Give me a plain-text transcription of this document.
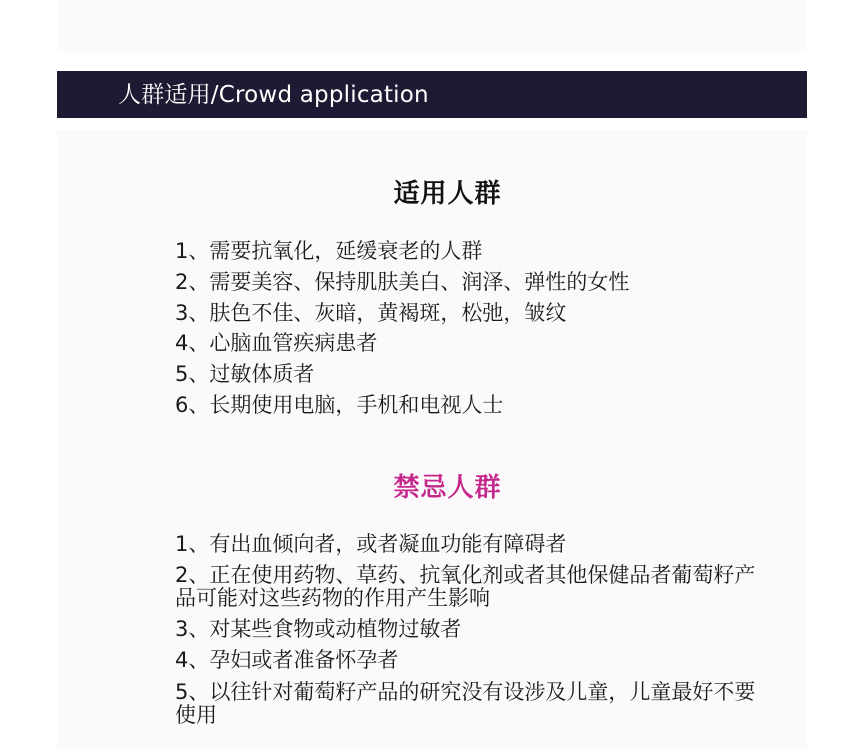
人群适用/Crowd application
适用人群
1、需要抗氧化，延缓衰老的人群
2、需要美容、保持肌肤美白、润泽、弹性的女性
3、肤色不佳、灰暗，黄褐斑，松弛，皱纹
4、心脑血管疾病患者
5、过敏体质者
6、长期使用电脑，手机和电视人士
禁忌人群
1、有出血倾向者，或者凝血功能有障碍者
2、正在使用药物、草药、抗氧化剂或者其他保健品者葡萄籽产品可能对这些药物的作用产生影响
3、对某些食物或动植物过敏者
4、孕妇或者准备怀孕者
5、以往针对葡萄籽产品的研究没有设涉及儿童，儿童最好不要使用
